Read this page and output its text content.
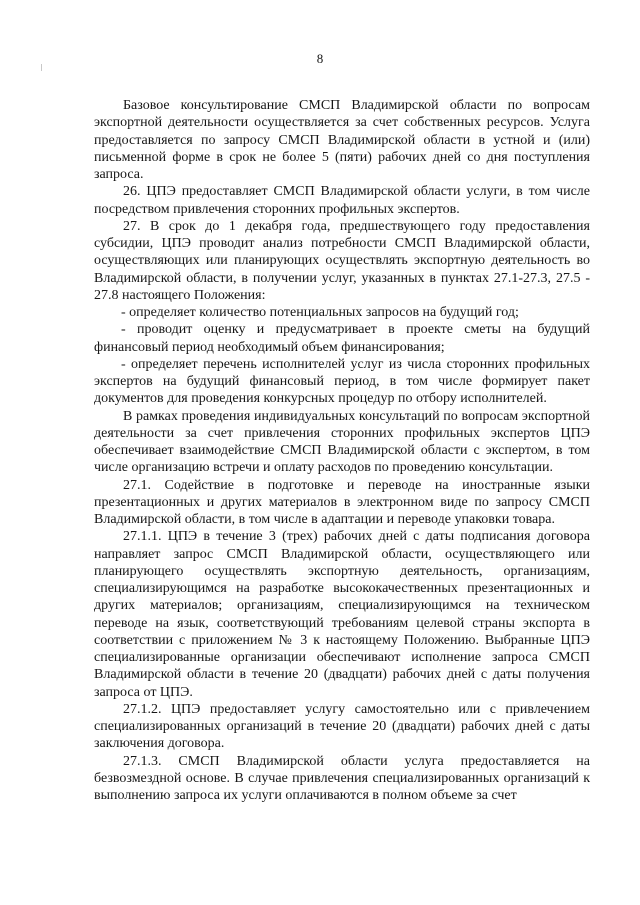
8

Базовое консультирование СМСП Владимирской области по вопросам экспортной деятельности осуществляется за счет собственных ресурсов. Услуга предоставляется по запросу СМСП Владимирской области в устной и (или) письменной форме в срок не более 5 (пяти) рабочих дней со дня поступления запроса.

26. ЦПЭ предоставляет СМСП Владимирской области услуги, в том числе посредством привлечения сторонних профильных экспертов.

27. В срок до 1 декабря года, предшествующего году предоставления субсидии, ЦПЭ проводит анализ потребности СМСП Владимирской области, осуществляющих или планирующих осуществлять экспортную деятельность во Владимирской области, в получении услуг, указанных в пунктах 27.1-27.3, 27.5 - 27.8 настоящего Положения:

- определяет количество потенциальных запросов на будущий год;

- проводит оценку и предусматривает в проекте сметы на будущий финансовый период необходимый объем финансирования;

- определяет перечень исполнителей услуг из числа сторонних профильных экспертов на будущий финансовый период, в том числе формирует пакет документов для проведения конкурсных процедур по отбору исполнителей.

В рамках проведения индивидуальных консультаций по вопросам экспортной деятельности за счет привлечения сторонних профильных экспертов ЦПЭ обеспечивает взаимодействие СМСП Владимирской области с экспертом, в том числе организацию встречи и оплату расходов по проведению консультации.

27.1. Содействие в подготовке и переводе на иностранные языки презентационных и других материалов в электронном виде по запросу СМСП Владимирской области, в том числе в адаптации и переводе упаковки товара.

27.1.1. ЦПЭ в течение 3 (трех) рабочих дней с даты подписания договора направляет запрос СМСП Владимирской области, осуществляющего или планирующего осуществлять экспортную деятельность, организациям, специализирующимся на разработке высококачественных презентационных и других материалов; организациям, специализирующимся на техническом переводе на язык, соответствующий требованиям целевой страны экспорта в соответствии с приложением № 3 к настоящему Положению. Выбранные ЦПЭ специализированные организации обеспечивают исполнение запроса СМСП Владимирской области в течение 20 (двадцати) рабочих дней с даты получения запроса от ЦПЭ.

27.1.2. ЦПЭ предоставляет услугу самостоятельно или с привлечением специализированных организаций в течение 20 (двадцати) рабочих дней с даты заключения договора.

27.1.3. СМСП Владимирской области услуга предоставляется на безвозмездной основе. В случае привлечения специализированных организаций к выполнению запроса их услуги оплачиваются в полном объеме за счет
